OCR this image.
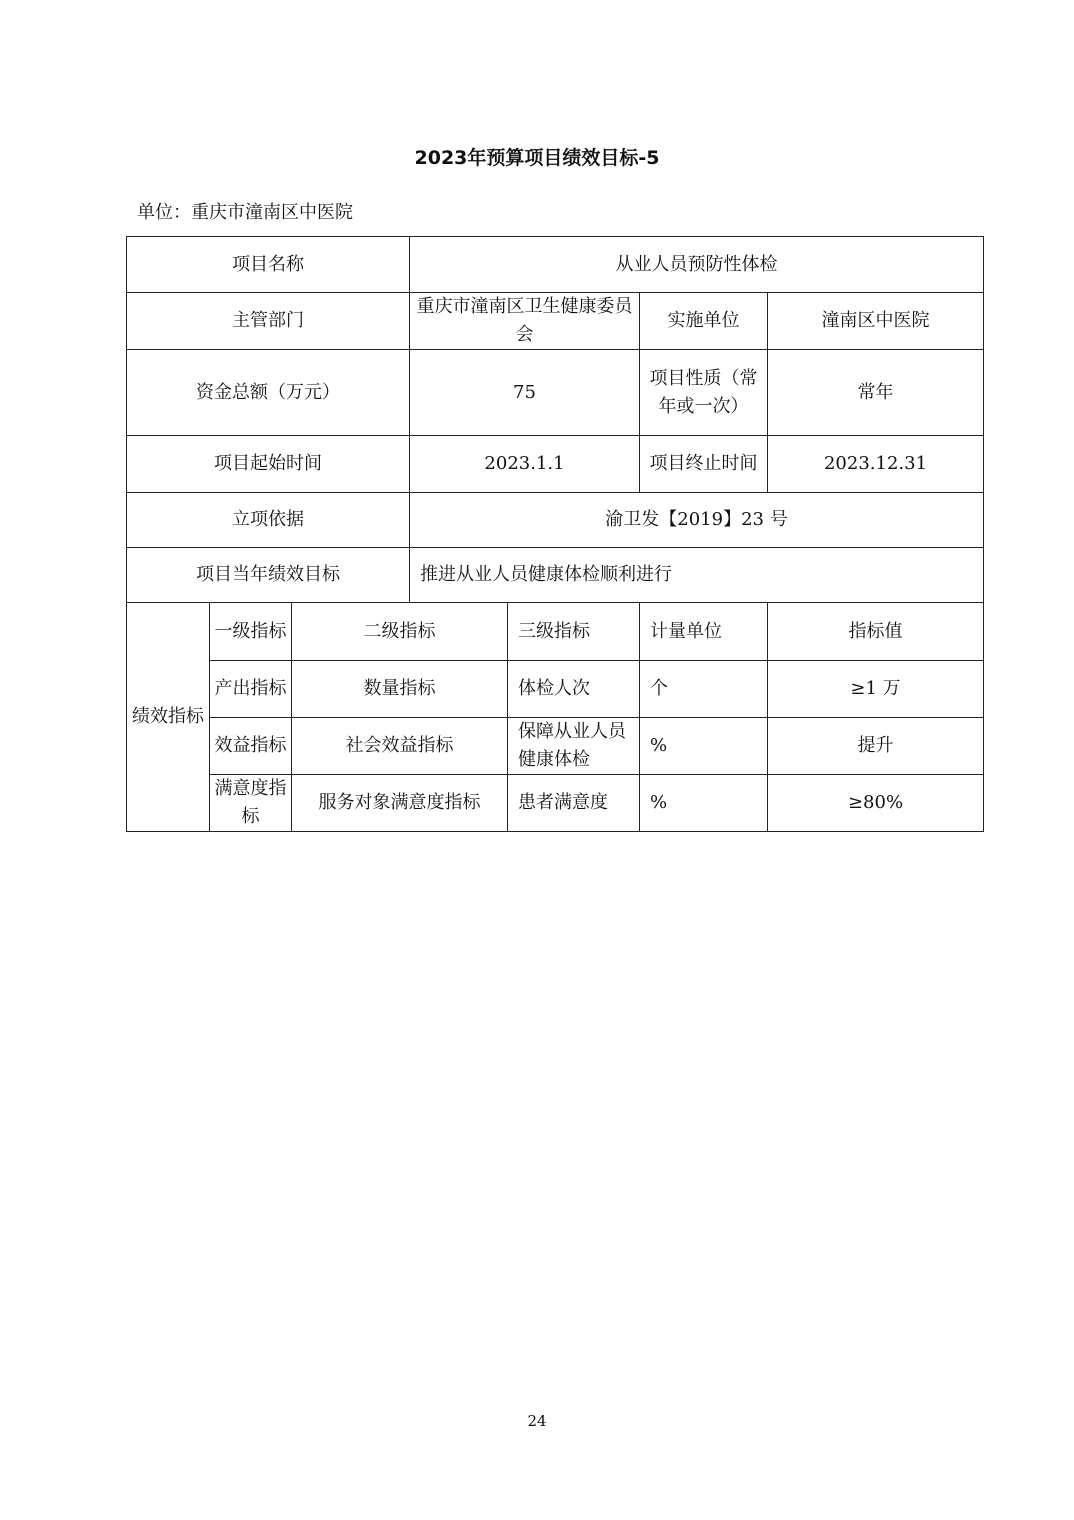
2023年预算项目绩效目标-5
单位：重庆市潼南区中医院
项目名称			从业人员预防性体检			
主管部门			重庆市潼南区卫生健康委员会		实施单位	潼南区中医院
资金总额（万元）			75		项目性质（常年或一次）	常年
项目起始时间			2023.1.1		项目终止时间	2023.12.31
立项依据			渝卫发【2019】23 号			
项目当年绩效目标			推进从业人员健康体检顺利进行			
绩效指标	一级指标	二级指标		三级指标	计量单位	指标值
	产出指标	数量指标		体检人次	个	≥1 万
	效益指标	社会效益指标		保障从业人员健康体检	%	提升
	满意度指标	服务对象满意度指标		患者满意度	%	≥80%
24
